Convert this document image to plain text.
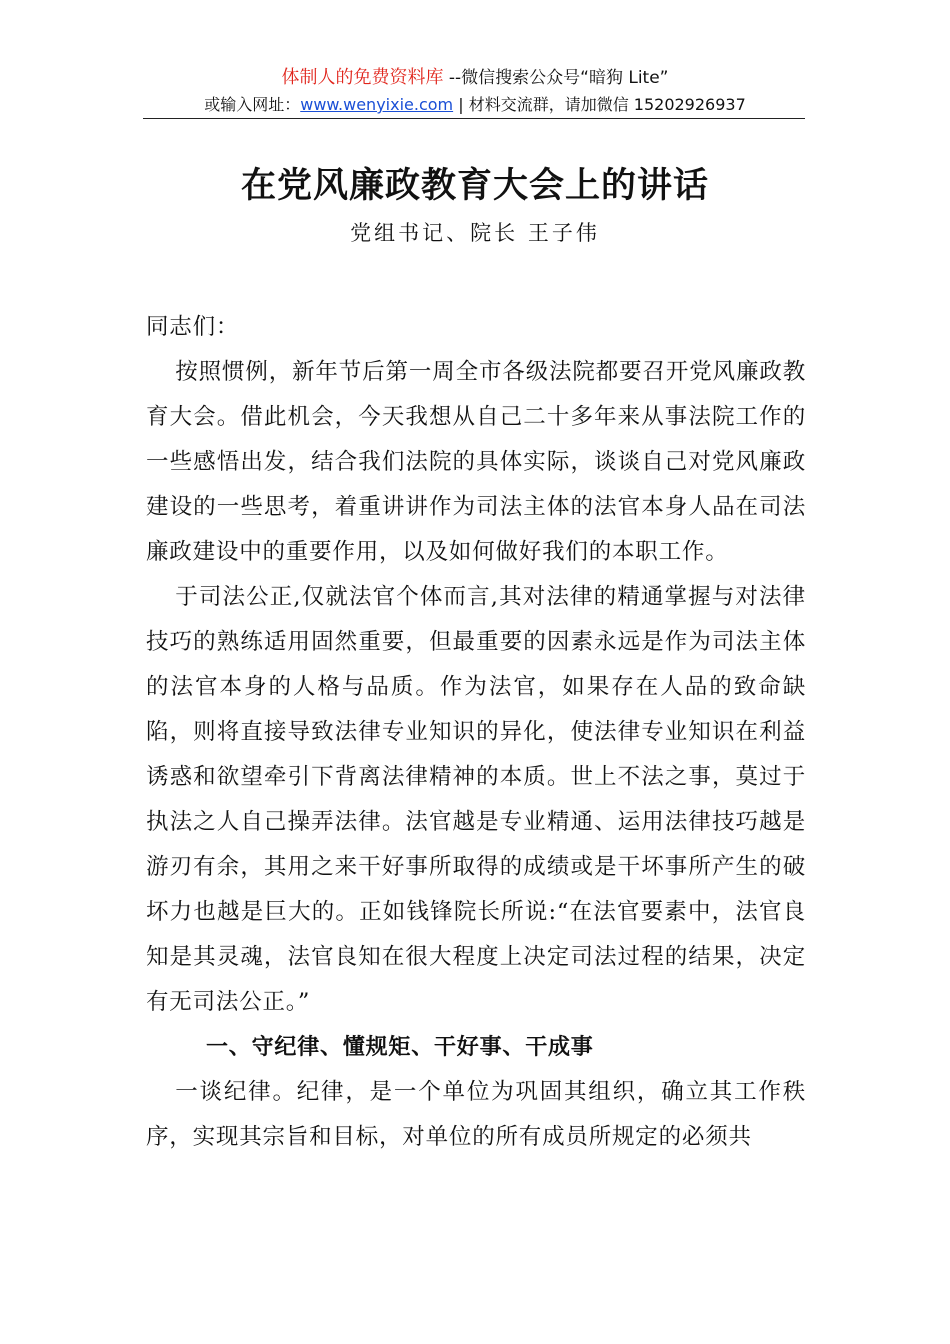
体制人的免费资料库 --微信搜索公众号“暗狗 Lite”
或输入网址：www.wenyixie.com | 材料交流群，请加微信 15202926937
在党风廉政教育大会上的讲话
党组书记、院长 王子伟

同志们：

按照惯例，新年节后第一周全市各级法院都要召开党风廉政教育大会。借此机会，今天我想从自己二十多年来从事法院工作的一些感悟出发，结合我们法院的具体实际，谈谈自己对党风廉政建设的一些思考，着重讲讲作为司法主体的法官本身人品在司法廉政建设中的重要作用，以及如何做好我们的本职工作。

于司法公正,仅就法官个体而言,其对法律的精通掌握与对法律技巧的熟练适用固然重要，但最重要的因素永远是作为司法主体的法官本身的人格与品质。作为法官，如果存在人品的致命缺陷，则将直接导致法律专业知识的异化，使法律专业知识在利益诱惑和欲望牵引下背离法律精神的本质。世上不法之事，莫过于执法之人自己操弄法律。法官越是专业精通、运用法律技巧越是游刃有余，其用之来干好事所取得的成绩或是干坏事所产生的破坏力也越是巨大的。正如钱锋院长所说:“在法官要素中，法官良知是其灵魂，法官良知在很大程度上决定司法过程的结果，决定有无司法公正。”

一、守纪律、懂规矩、干好事、干成事

一谈纪律。纪律，是一个单位为巩固其组织，确立其工作秩序，实现其宗旨和目标，对单位的所有成员所规定的必须共
